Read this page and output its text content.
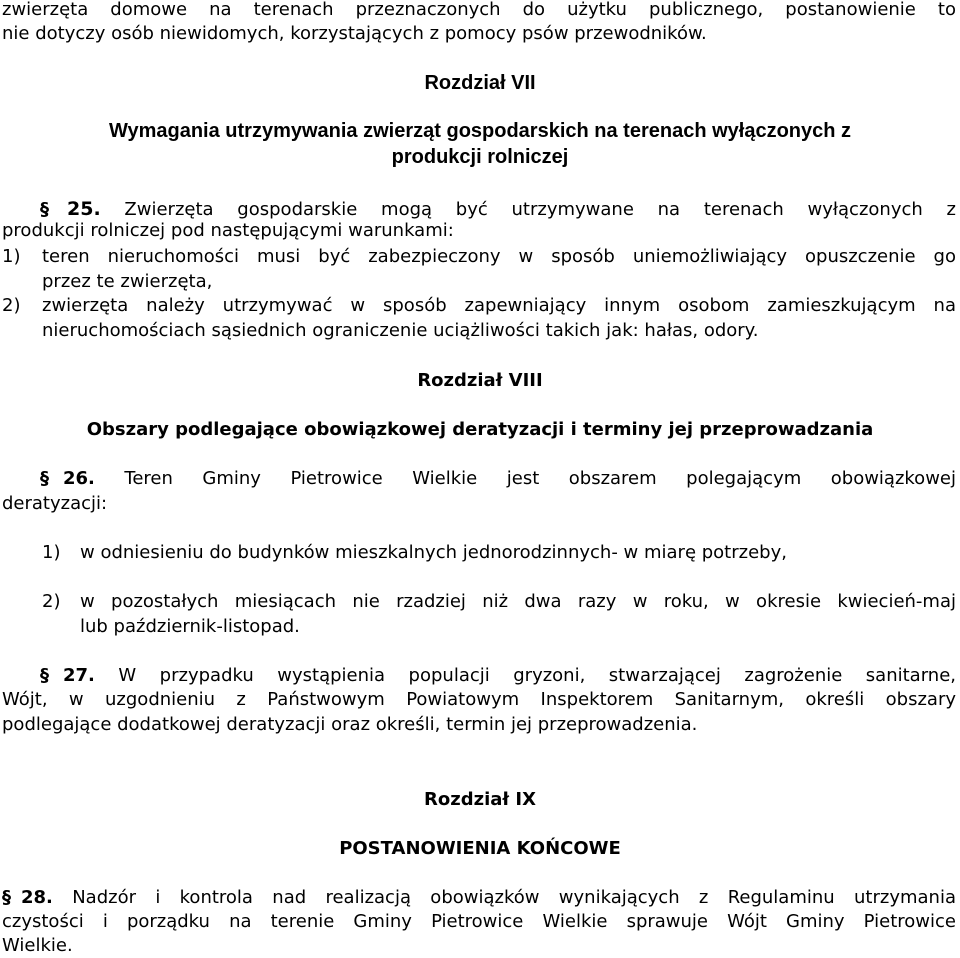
zwierzęta domowe na terenach przeznaczonych do użytku publicznego, postanowienie to
nie dotyczy osób niewidomych, korzystających z pomocy psów przewodników.
Rozdział VII
Wymagania utrzymywania zwierząt gospodarskich na terenach wyłączonych z
produkcji rolniczej
§ 25. Zwierzęta gospodarskie mogą być utrzymywane na terenach wyłączonych z
produkcji rolniczej pod następującymi warunkami:
1) teren nieruchomości musi być zabezpieczony w sposób uniemożliwiający opuszczenie go
przez te zwierzęta,
2) zwierzęta należy utrzymywać w sposób zapewniający innym osobom zamieszkującym na
nieruchomościach sąsiednich ograniczenie uciążliwości takich jak: hałas, odory.
Rozdział VIII
Obszary podlegające obowiązkowej deratyzacji i terminy jej przeprowadzania
§ 26. Teren Gminy Pietrowice Wielkie jest obszarem polegającym obowiązkowej
deratyzacji:
1) w odniesieniu do budynków mieszkalnych jednorodzinnych- w miarę potrzeby,
2) w pozostałych miesiącach nie rzadziej niż dwa razy w roku, w okresie kwiecień-maj
lub październik-listopad.
§ 27. W przypadku wystąpienia populacji gryzoni, stwarzającej zagrożenie sanitarne,
Wójt, w uzgodnieniu z Państwowym Powiatowym Inspektorem Sanitarnym, określi obszary
podlegające dodatkowej deratyzacji oraz określi, termin jej przeprowadzenia.
Rozdział IX
POSTANOWIENIA KOŃCOWE
§ 28. Nadzór i kontrola nad realizacją obowiązków wynikających z Regulaminu utrzymania
czystości i porządku na terenie Gminy Pietrowice Wielkie sprawuje Wójt Gminy Pietrowice
Wielkie.
